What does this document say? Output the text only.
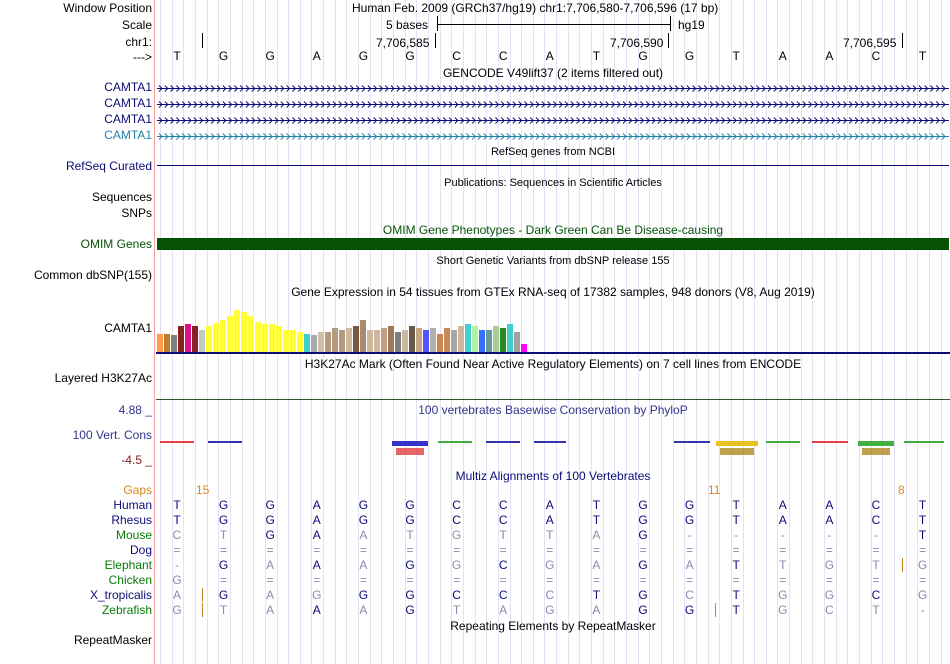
Window Position
Scale
chr1:
--->
CAMTA1
CAMTA1
CAMTA1
CAMTA1
RefSeq Curated
Sequences
SNPs
OMIM Genes
Common dbSNP(155)
CAMTA1
Layered H3K27Ac
4.88 _
100 Vert. Cons
-4.5 _
Gaps
Human
Rhesus
Mouse
Dog
Elephant
Chicken
X_tropicalis
Zebrafish
RepeatMasker
Human Feb. 2009 (GRCh37/hg19) chr1:7,706,580-7,706,596 (17 bp)
5 bases	hg19
7,706,585	7,706,590	7,706,595
T	G	G	A	G	G	C	C	A	T	G	G	T	A	A	C	T
GENCODE V49lift37 (2 items filtered out)
RefSeq genes from NCBI
Publications: Sequences in Scientific Articles
OMIM Gene Phenotypes - Dark Green Can Be Disease-causing
Short Genetic Variants from dbSNP release 155
Gene Expression in 54 tissues from GTEx RNA-seq of 17382 samples, 948 donors (V8, Aug 2019)
H3K27Ac Mark (Often Found Near Active Regulatory Elements) on 7 cell lines from ENCODE
100 vertebrates Basewise Conservation by PhyloP
Multiz Alignments of 100 Vertebrates
Repeating Elements by RepeatMasker
15	11	8
T	G	G	A	G	G	C	C	A	T	G	G	T	A	A	C	T
T	G	G	A	G	G	C	C	A	T	G	G	T	A	A	C	T
C	T	G	A	A	T	G	T	T	A	G	-	-	-	-	-	T
=	=	=	=	=	=	=	=	=	=	=	=	=	=	=	=	=
-	G	A	A	A	G	G	C	G	A	G	A	T	T	G	T	G
G	=	=	=	=	=	=	=	=	=	=	=	=	=	=	=	=
A	G	A	G	G	G	C	C	C	T	G	C	T	G	G	C	G
G	T	A	A	A	G	T	A	G	A	G	G	T	G	C	T	-
